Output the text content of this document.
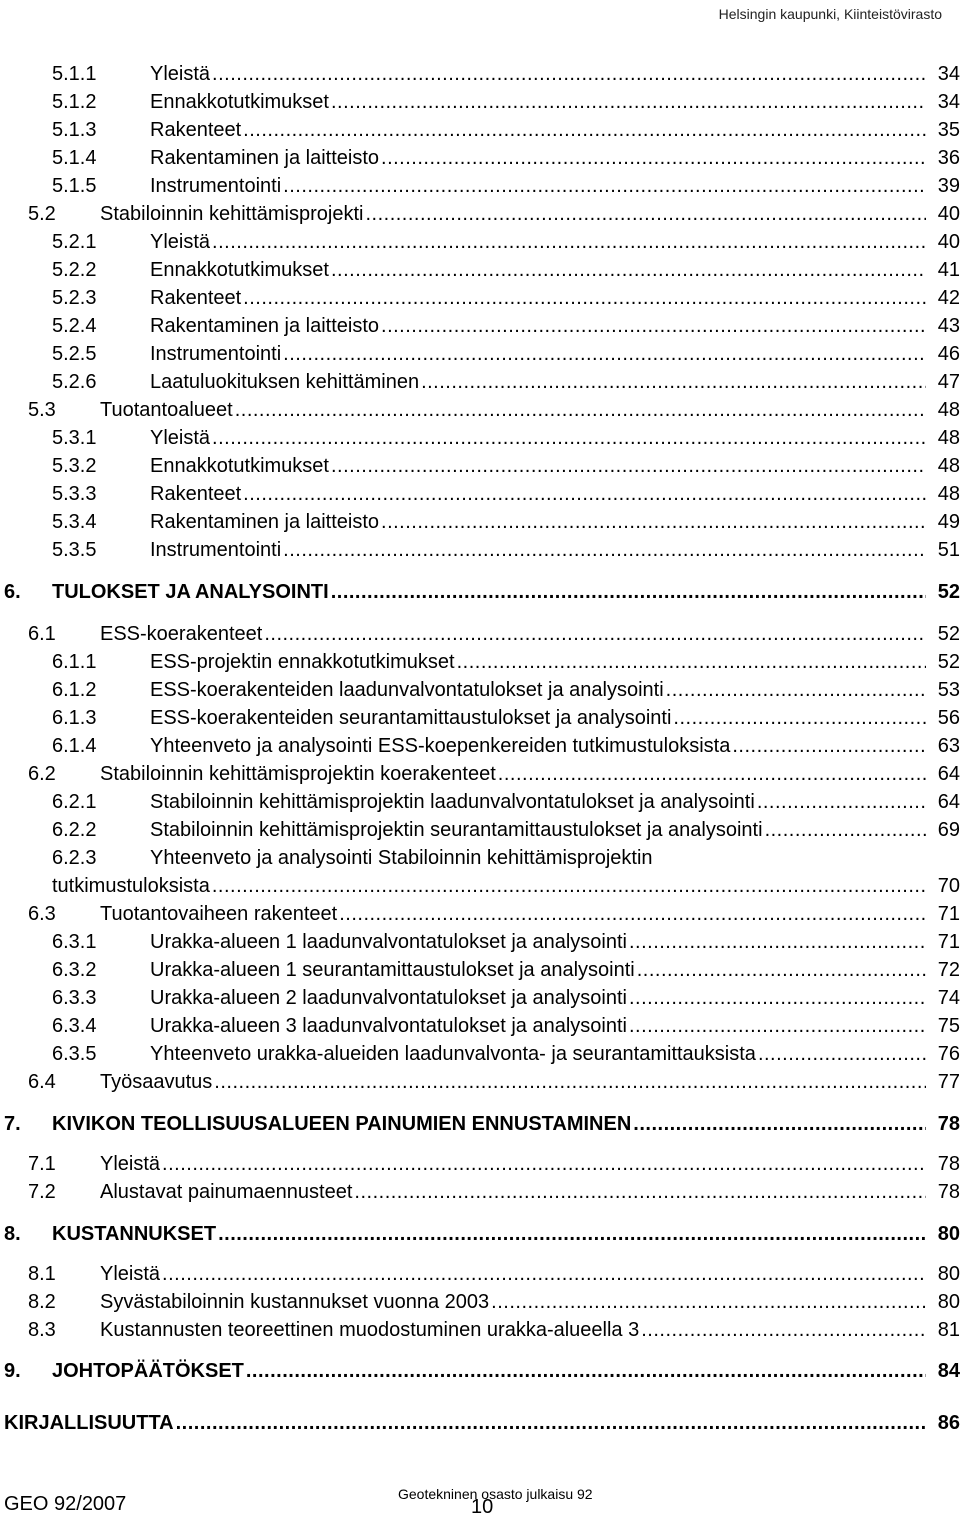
Helsingin kaupunki, Kiinteistövirasto
5.1.1	Yleistä .....	34
5.1.2	Ennakkotutkimukset .....	34
5.1.3	Rakenteet .....	35
5.1.4	Rakentaminen ja laitteisto .....	36
5.1.5	Instrumentointi .....	39
5.2 Stabiloinnin kehittämisprojekti .....	40
5.2.1	Yleistä .....	40
5.2.2	Ennakkotutkimukset .....	41
5.2.3	Rakenteet .....	42
5.2.4	Rakentaminen ja laitteisto .....	43
5.2.5	Instrumentointi .....	46
5.2.6	Laatuluokituksen kehittäminen .....	47
5.3 Tuotantoalueet .....	48
5.3.1	Yleistä .....	48
5.3.2	Ennakkotutkimukset .....	48
5.3.3	Rakenteet .....	48
5.3.4	Rakentaminen ja laitteisto .....	49
5.3.5	Instrumentointi .....	51
6. TULOKSET JA ANALYSOINTI .....	52
6.1 ESS-koerakenteet .....	52
6.1.1	ESS-projektin ennakkotutkimukset .....	52
6.1.2	ESS-koerakenteiden laadunvalvontatulokset ja analysointi .....	53
6.1.3	ESS-koerakenteiden seurantamittaustulokset ja analysointi .....	56
6.1.4	Yhteenveto ja analysointi ESS-koepenkereiden tutkimustuloksista .....	63
6.2 Stabiloinnin kehittämisprojektin koerakenteet .....	64
6.2.1	Stabiloinnin kehittämisprojektin laadunvalvontatulokset ja analysointi .....	64
6.2.2	Stabiloinnin kehittämisprojektin seurantamittaustulokset ja analysointi .....	69
6.2.3	Yhteenveto ja analysointi Stabiloinnin kehittämisprojektin
tutkimustuloksista .....	70
6.3 Tuotantovaiheen rakenteet .....	71
6.3.1	Urakka-alueen 1 laadunvalvontatulokset ja analysointi .....	71
6.3.2	Urakka-alueen 1 seurantamittaustulokset ja analysointi .....	72
6.3.3	Urakka-alueen 2 laadunvalvontatulokset ja analysointi .....	74
6.3.4	Urakka-alueen 3 laadunvalvontatulokset ja analysointi .....	75
6.3.5	Yhteenveto urakka-alueiden laadunvalvonta- ja seurantamittauksista .....	76
6.4 Työsaavutus .....	77
7. KIVIKON TEOLLISUUSALUEEN PAINUMIEN ENNUSTAMINEN .....	78
7.1 Yleistä .....	78
7.2 Alustavat painumaennusteet .....	78
8. KUSTANNUKSET .....	80
8.1 Yleistä .....	80
8.2 Syvästabiloinnin kustannukset vuonna 2003 .....	80
8.3 Kustannusten teoreettinen muodostuminen urakka-alueella 3 .....	81
9. JOHTOPÄÄTÖKSET .....	84
KIRJALLISUUTTA .....	86
GEO 92/2007	Geotekninen osasto julkaisu 92
10
